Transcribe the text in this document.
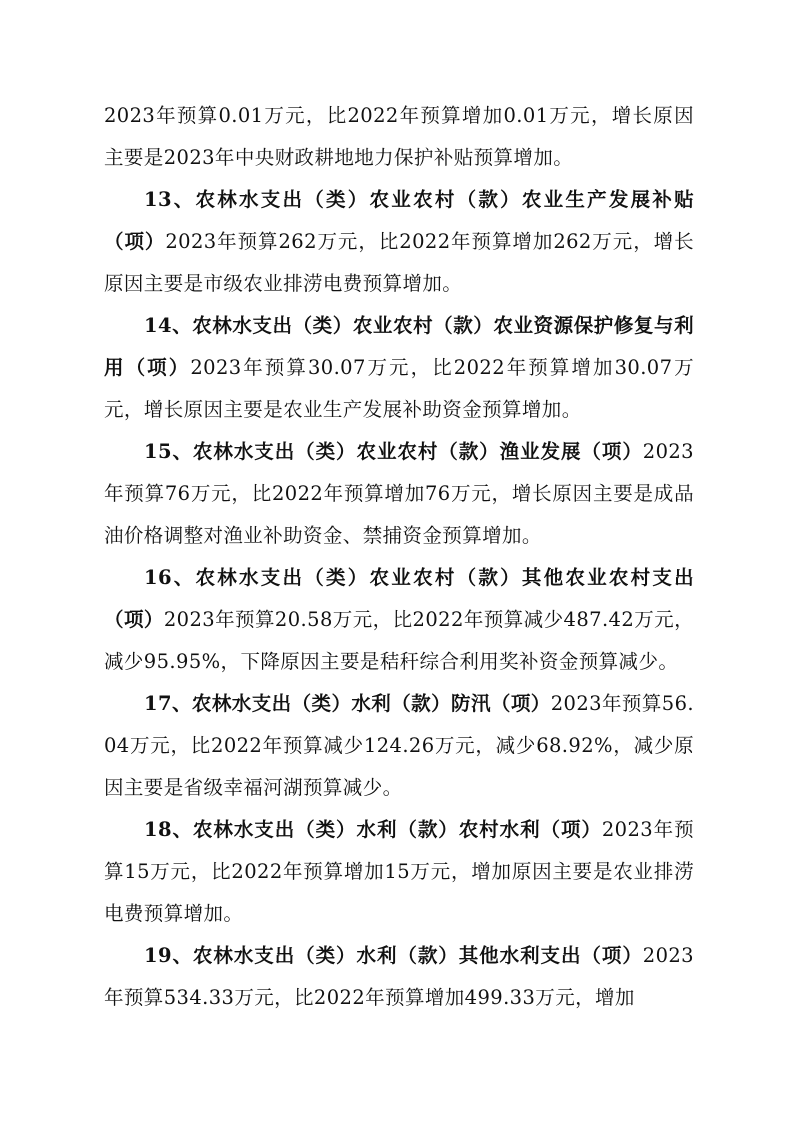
2023年预算0.01万元，比2022年预算增加0.01万元，增长原因主要是2023年中央财政耕地地力保护补贴预算增加。

13、农林水支出（类）农业农村（款）农业生产发展补贴（项）2023年预算262万元，比2022年预算增加262万元，增长原因主要是市级农业排涝电费预算增加。

14、农林水支出（类）农业农村（款）农业资源保护修复与利用（项）2023年预算30.07万元，比2022年预算增加30.07万元，增长原因主要是农业生产发展补助资金预算增加。

15、农林水支出（类）农业农村（款）渔业发展（项）2023年预算76万元，比2022年预算增加76万元，增长原因主要是成品油价格调整对渔业补助资金、禁捕资金预算增加。

16、农林水支出（类）农业农村（款）其他农业农村支出（项）2023年预算20.58万元，比2022年预算减少487.42万元，减少95.95%，下降原因主要是秸秆综合利用奖补资金预算减少。

17、农林水支出（类）水利（款）防汛（项）2023年预算56.04万元，比2022年预算减少124.26万元，减少68.92%，减少原因主要是省级幸福河湖预算减少。

18、农林水支出（类）水利（款）农村水利（项）2023年预算15万元，比2022年预算增加15万元，增加原因主要是农业排涝电费预算增加。

19、农林水支出（类）水利（款）其他水利支出（项）2023年预算534.33万元，比2022年预算增加499.33万元，增加
